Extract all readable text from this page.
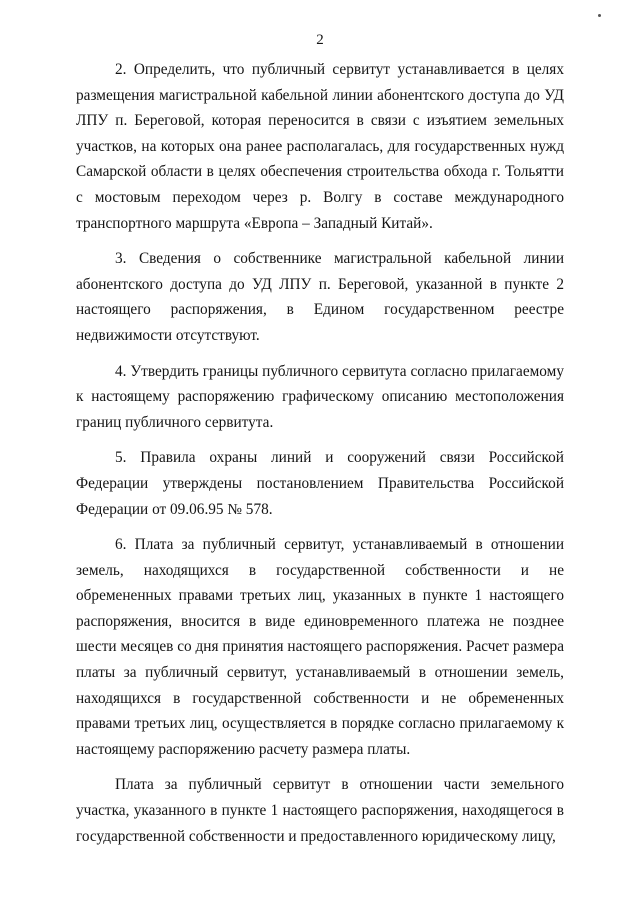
2

2. Определить, что публичный сервитут устанавливается в целях размещения магистральной кабельной линии абонентского доступа до УД ЛПУ п. Береговой, которая переносится в связи с изъятием земельных участков, на которых она ранее располагалась, для государственных нужд Самарской области в целях обеспечения строительства обхода г. Тольятти с мостовым переходом через р. Волгу в составе международного транспортного маршрута «Европа – Западный Китай».

3. Сведения о собственнике магистральной кабельной линии абонентского доступа до УД ЛПУ п. Береговой, указанной в пункте 2 настоящего распоряжения, в Едином государственном реестре недвижимости отсутствуют.

4. Утвердить границы публичного сервитута согласно прилагаемому к настоящему распоряжению графическому описанию местоположения границ публичного сервитута.

5. Правила охраны линий и сооружений связи Российской Федерации утверждены постановлением Правительства Российской Федерации от 09.06.95 № 578.

6. Плата за публичный сервитут, устанавливаемый в отношении земель, находящихся в государственной собственности и не обремененных правами третьих лиц, указанных в пункте 1 настоящего распоряжения, вносится в виде единовременного платежа не позднее шести месяцев со дня принятия настоящего распоряжения. Расчет размера платы за публичный сервитут, устанавливаемый в отношении земель, находящихся в государственной собственности и не обремененных правами третьих лиц, осуществляется в порядке согласно прилагаемому к настоящему распоряжению расчету размера платы.

Плата за публичный сервитут в отношении части земельного участка, указанного в пункте 1 настоящего распоряжения, находящегося в государственной собственности и предоставленного юридическому лицу,
